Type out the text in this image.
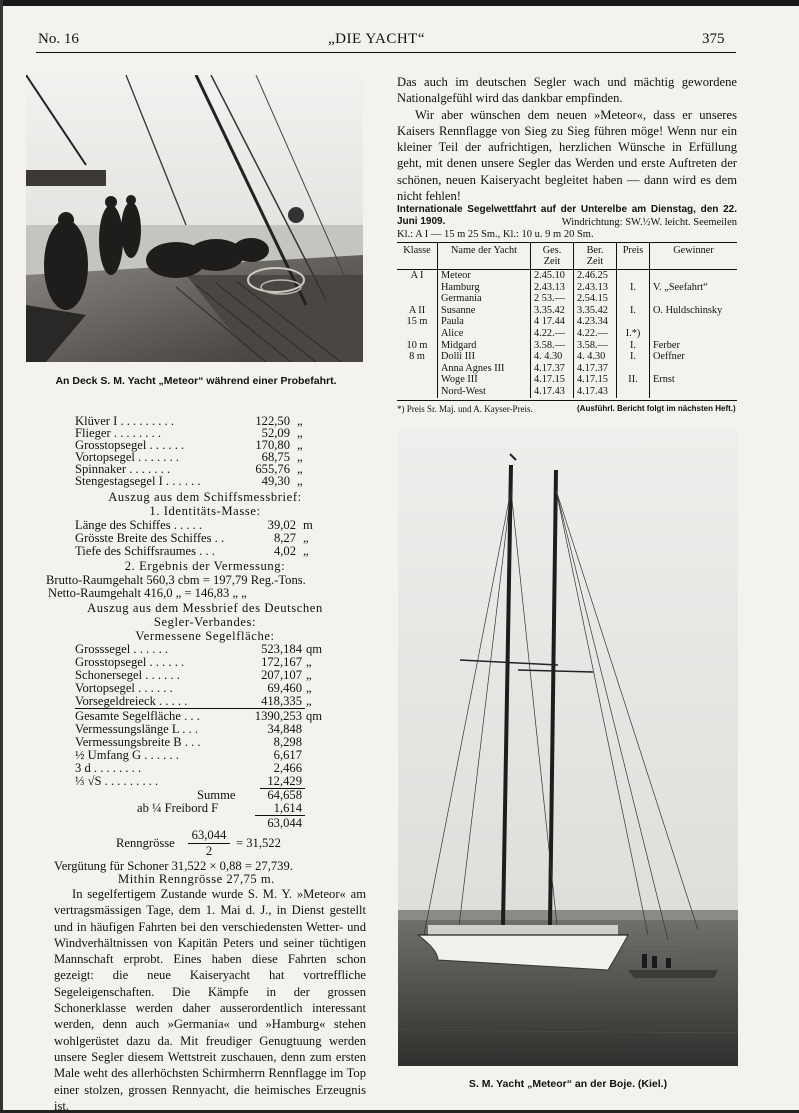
No. 16	„DIE YACHT“	375
An Deck S. M. Yacht „Meteor“ während einer Probefahrt.
Klüver I . . . . . . . . .	122,50 „
Flieger . . . . . . . .	52,09 „
Grosstopsegel . . . . . .	170,80 „
Vortopsegel . . . . . . .	68,75 „
Spinnaker . . . . . . .	655,76 „
Stengestagsegel I . . . . . .	49,30 „
Auszug aus dem Schiffsmessbrief:
1. Identitäts-Masse:
Länge des Schiffes . . . . .	39,02 m
Grösste Breite des Schiffes . .	8,27 „
Tiefe des Schiffsraumes . . .	4,02 „
2. Ergebnis der Vermessung:
Brutto-Raumgehalt 560,3 cbm = 197,79 Reg.-Tons.
Netto-Raumgehalt 416,0 „ = 146,83 „ „
Auszug aus dem Messbrief des Deutschen
Segler-Verbandes:
Vermessene Segelfläche:
Grosssegel . . . . . .	523,184 qm
Grosstopsegel . . . . . .	172,167 „
Schonersegel . . . . . .	207,107 „
Vortopsegel . . . . . .	69,460 „
Vorsegeldreieck . . . . .	418,335 „
Gesamte Segelfläche . . .	1390,253 qm
Vermessungslänge L . . .	34,848
Vermessungsbreite B . . .	8,298
½ Umfang G . . . . . .	6,617
3 d . . . . . . . .	2,466
⅓ √S . . . . . . . . .	12,429
Summe	64,658
ab ¼ Freibord F	1,614
63,044
Renngrösse
63,044
2
= 31,522
Vergütung für Schoner 31,522 × 0,88 = 27,739.
Mithin Renngrösse 27,75 m.

In segelfertigem Zustande wurde S. M. Y. »Meteor« am vertragsmässigen Tage, dem 1. Mai d. J., in Dienst gestellt und in häufigen Fahrten bei den verschiedensten Wetter- und Windverhältnissen von Kapitän Peters und seiner tüchtigen Mannschaft erprobt. Eines haben diese Fahrten schon gezeigt: die neue Kaiseryacht hat vortreffliche Segeleigenschaften. Die Kämpfe in der grossen Schonerklasse werden daher ausserordentlich interessant werden, denn auch »Germania« und »Hamburg« stehen wohlgerüstet dazu da. Mit freudiger Genugtuung werden unsere Segler diesem Wettstreit zuschauen, denn zum ersten Male weht des allerhöchsten Schirmherrn Rennflagge im Top einer stolzen, grossen Rennyacht, die heimisches Erzeugnis ist.

Das auch im deutschen Segler wach und mächtig gewordene Nationalgefühl wird das dankbar empfinden.

Wir aber wünschen dem neuen »Meteor«, dass er unseres Kaisers Rennflagge von Sieg zu Sieg führen möge! Wenn nur ein kleiner Teil der aufrichtigen, herzlichen Wünsche in Erfüllung geht, mit denen unsere Segler das Werden und erste Auftreten der schönen, neuen Kaiseryacht begleitet haben — dann wird es dem nicht fehlen!

Internationale Segelwettfahrt auf der Unterelbe am Dienstag, den 22. Juni 1909.	Windrichtung: SW.½W. leicht. Seemeilen
Kl.: A I — 15 m 25 Sm., Kl.: 10 u. 9 m 20 Sm.
Klasse	Name der Yacht	Ges. Zeit	Ber. Zeit	Preis	Gewinner
A I	Meteor	2.45.10	2.46.25		
	Hamburg	2.43.13	2.43.13	I.	V. „Seefahrt“
	Germania	2 53.—	2.54.15		
A II	Susanne	3.35.42	3.35.42	I.	O. Huldschinsky
15 m	Paula	4 17.44	4.23.34		
	Alice	4.22.—	4.22.—	I.*)	
10 m	Midgard	3.58.—	3.58.—	I.	Ferber
8 m	Dolli III	4. 4.30	4. 4.30	I.	Oeffner
	Anna Agnes III	4.17.37	4.17.37		
	Woge III	4.17.15	4.17.15	II.	Ernst
	Nord-West	4.17.43	4.17.43		
*) Preis Sr. Maj. und A. Kayser-Preis.	(Ausführl. Bericht folgt im nächsten Heft.)
S. M. Yacht „Meteor“ an der Boje. (Kiel.)
